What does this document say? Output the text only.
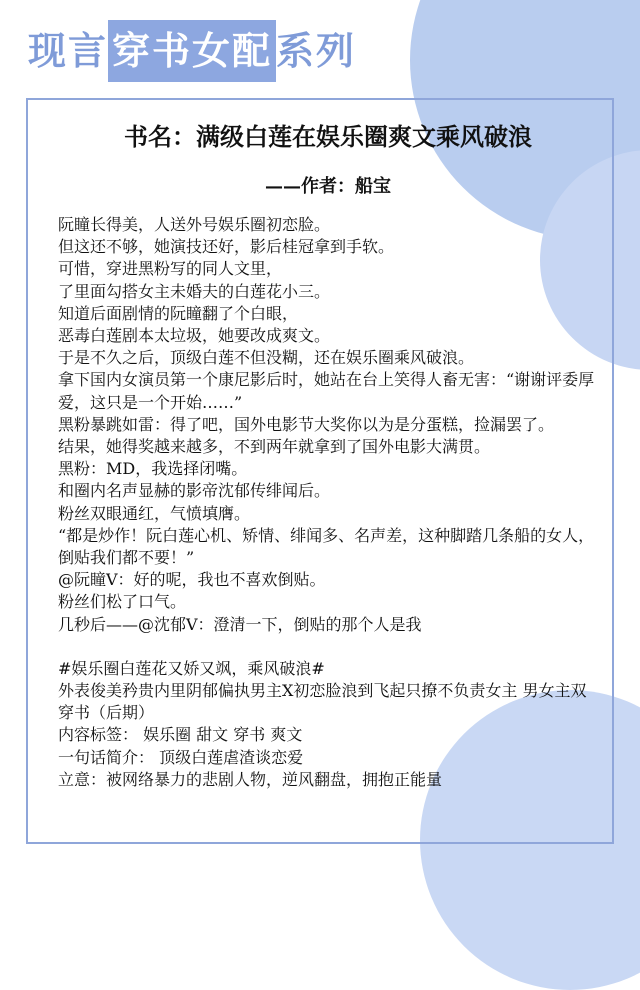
现言 穿书女配 系列
书名：满级白莲在娱乐圈爽文乘风破浪
——作者：船宝
阮瞳长得美，人送外号娱乐圈初恋脸。
但这还不够，她演技还好，影后桂冠拿到手软。
可惜，穿进黑粉写的同人文里，
了里面勾搭女主未婚夫的白莲花小三。
知道后面剧情的阮瞳翻了个白眼，
恶毒白莲剧本太垃圾，她要改成爽文。
于是不久之后，顶级白莲不但没糊，还在娱乐圈乘风破浪。
拿下国内女演员第一个康尼影后时，她站在台上笑得人畜无害：“谢谢评委厚爱，这只是一个开始……”
黑粉暴跳如雷：得了吧，国外电影节大奖你以为是分蛋糕，捡漏罢了。
结果，她得奖越来越多，不到两年就拿到了国外电影大满贯。
黑粉：MD，我选择闭嘴。
和圈内名声显赫的影帝沈郁传绯闻后。
粉丝双眼通红，气愤填膺。
“都是炒作！阮白莲心机、矫情、绯闻多、名声差，这种脚踏几条船的女人，倒贴我们都不要！”
@阮瞳V：好的呢，我也不喜欢倒贴。
粉丝们松了口气。
几秒后——@沈郁V：澄清一下，倒贴的那个人是我
#娱乐圈白莲花又娇又飒，乘风破浪#
外表俊美矜贵内里阴郁偏执男主X初恋脸浪到飞起只撩不负责女主 男女主双穿书（后期）
内容标签： 娱乐圈 甜文 穿书 爽文
一句话简介： 顶级白莲虐渣谈恋爱
立意：被网络暴力的悲剧人物，逆风翻盘，拥抱正能量
